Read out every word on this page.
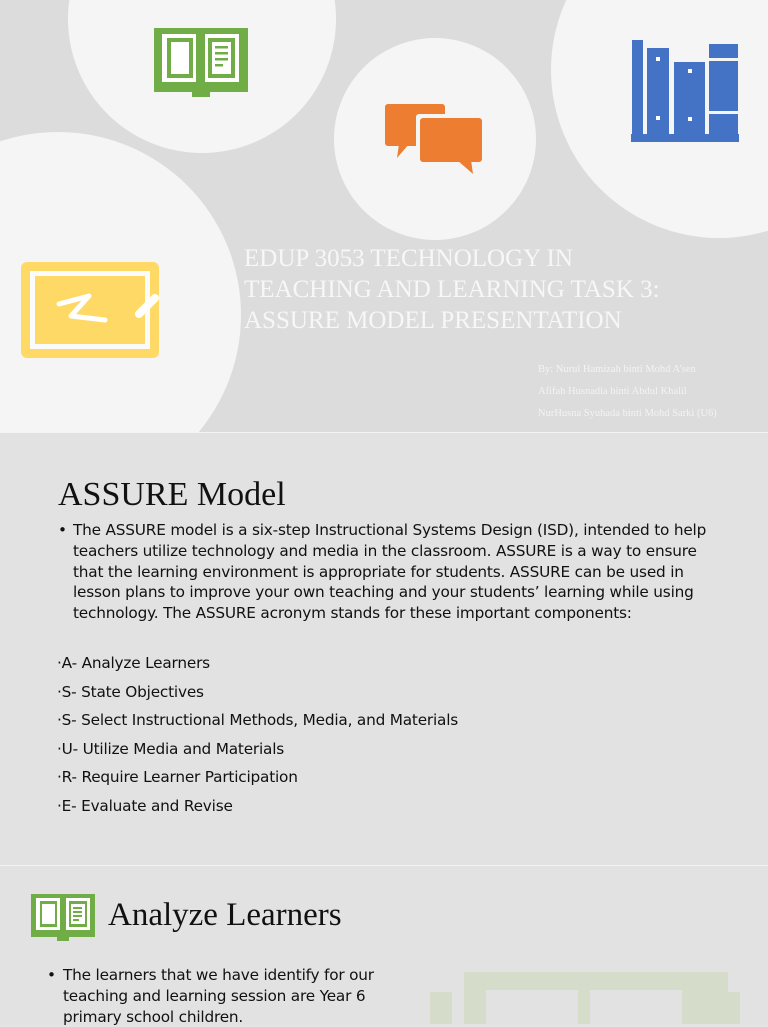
EDUP 3053 TECHNOLOGY IN TEACHING AND LEARNING TASK 3: ASSURE MODEL PRESENTATION
By: Nurul Hamizah binti Mohd A’sen
Afifah Husnadia binti Abdul Khalil
NurHusna Syuhada binti Mohd Sarki (U6)
ASSURE Model
• The ASSURE model is a six-step Instructional Systems Design (ISD), intended to help teachers utilize technology and media in the classroom. ASSURE is a way to ensure that the learning environment is appropriate for students. ASSURE can be used in lesson plans to improve your own teaching and your students’ learning while using technology. The ASSURE acronym stands for these important components:
·A- Analyze Learners
·S- State Objectives
·S- Select Instructional Methods, Media, and Materials
·U- Utilize Media and Materials
·R- Require Learner Participation
·E- Evaluate and Revise
Analyze Learners
• The learners that we have identify for our teaching and learning session are Year 6 primary school children.
